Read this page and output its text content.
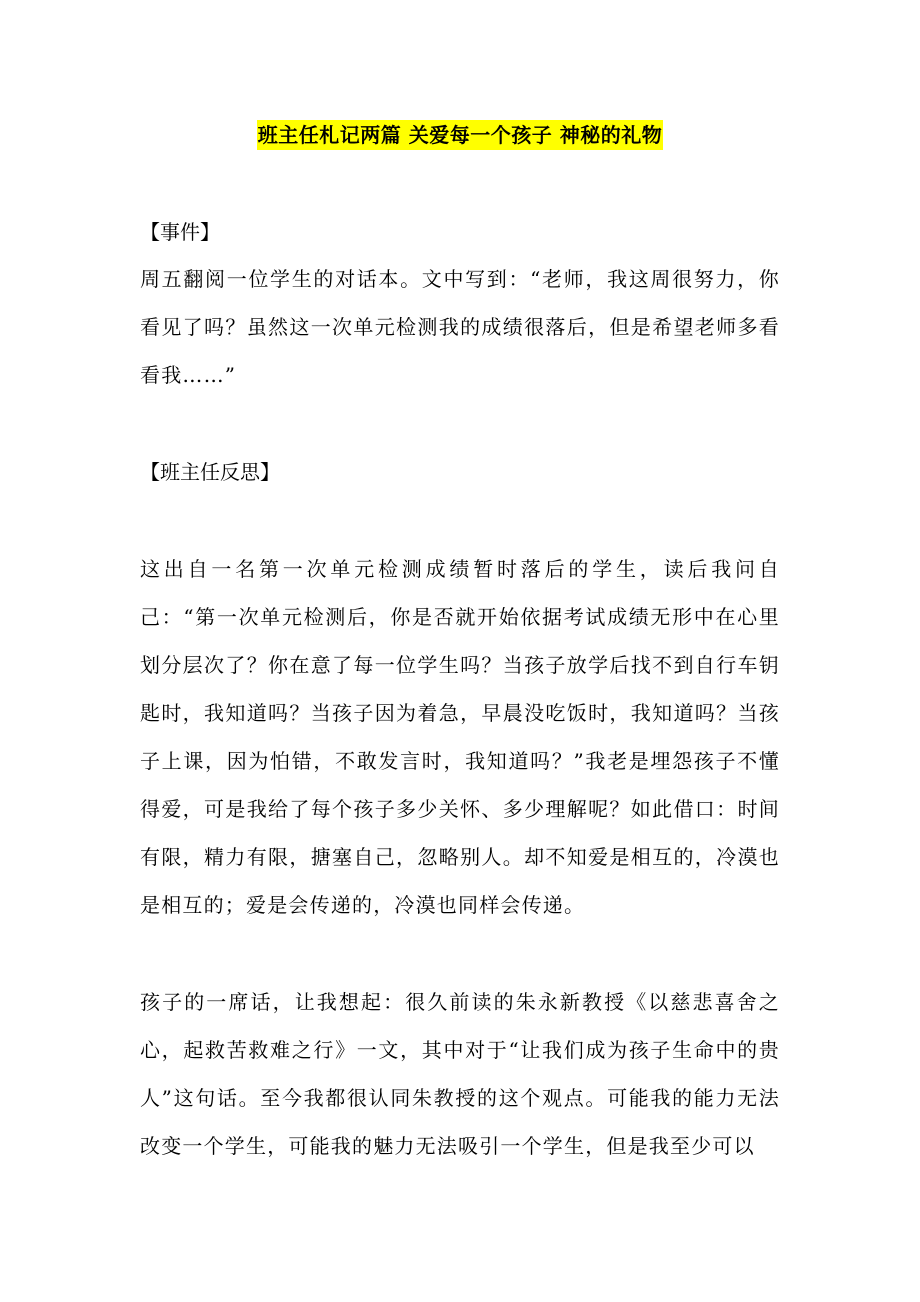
班主任札记两篇 关爱每一个孩子 神秘的礼物
【事件】
周五翻阅一位学生的对话本。文中写到：“老师，我这周很努力，你看见了吗？虽然这一次单元检测我的成绩很落后，但是希望老师多看看我……”
【班主任反思】
这出自一名第一次单元检测成绩暂时落后的学生，读后我问自己：“第一次单元检测后，你是否就开始依据考试成绩无形中在心里划分层次了？你在意了每一位学生吗？当孩子放学后找不到自行车钥匙时，我知道吗？当孩子因为着急，早晨没吃饭时，我知道吗？当孩子上课，因为怕错，不敢发言时，我知道吗？”我老是埋怨孩子不懂得爱，可是我给了每个孩子多少关怀、多少理解呢？如此借口：时间有限，精力有限，搪塞自己，忽略别人。却不知爱是相互的，冷漠也是相互的；爱是会传递的，冷漠也同样会传递。
孩子的一席话，让我想起：很久前读的朱永新教授《以慈悲喜舍之心，起救苦救难之行》一文，其中对于“让我们成为孩子生命中的贵人”这句话。至今我都很认同朱教授的这个观点。可能我的能力无法改变一个学生，可能我的魅力无法吸引一个学生，但是我至少可以
